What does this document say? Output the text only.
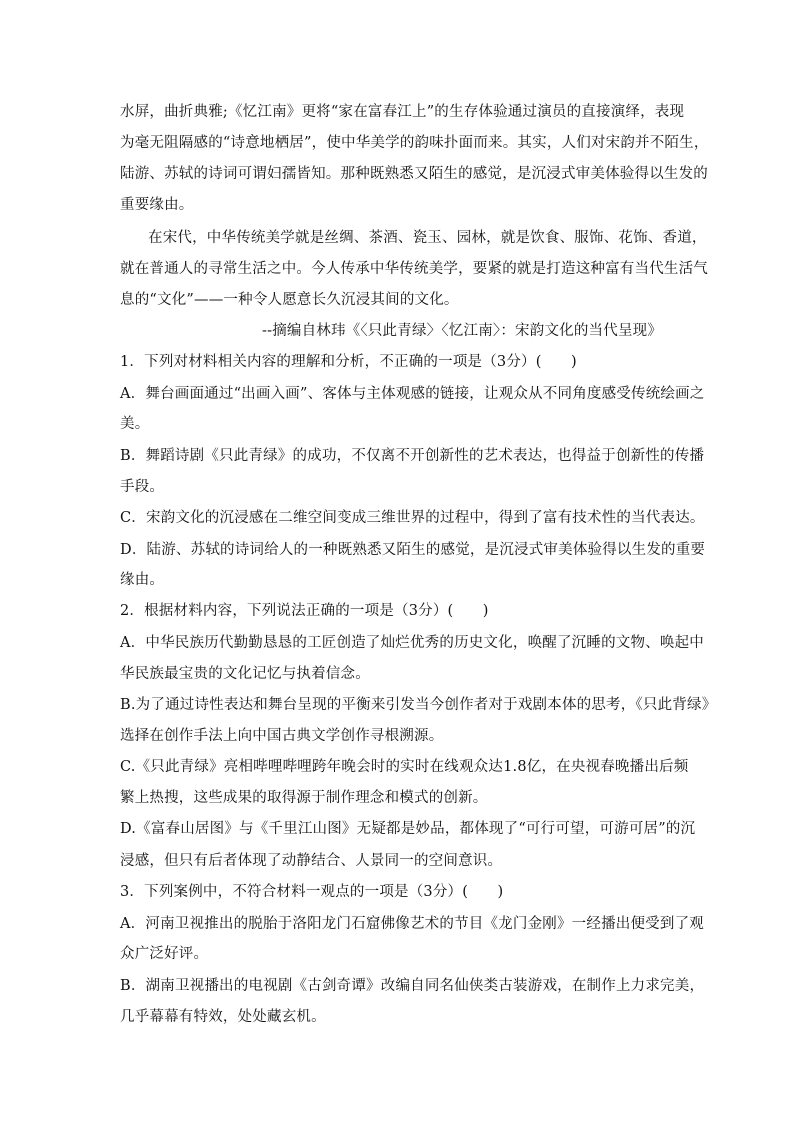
水屏，曲折典雅;《忆江南》更将“家在富春江上”的生存体验通过演员的直接演绎，表现
为毫无阻隔感的“诗意地栖居”，使中华美学的韵味扑面而来。其实，人们对宋韵并不陌生，
陆游、苏轼的诗词可谓妇孺皆知。那种既熟悉又陌生的感觉，是沉浸式审美体验得以生发的
重要缘由。
在宋代，中华传统美学就是丝绸、茶酒、瓷玉、园林，就是饮食、服饰、花饰、香道，
就在普通人的寻常生活之中。今人传承中华传统美学，要紧的就是打造这种富有当代生活气
息的“文化”——一种令人愿意长久沉浸其间的文化。
--摘编自林玮《〈只此青绿〉〈忆江南〉：宋韵文化的当代呈现》
1．下列对材料相关内容的理解和分析，不正确的一项是（3分）(　　)
A．舞台画面通过“出画入画”、客体与主体观感的链接，让观众从不同角度感受传统绘画之
美。
B．舞蹈诗剧《只此青绿》的成功，不仅离不开创新性的艺术表达，也得益于创新性的传播
手段。
C．宋韵文化的沉浸感在二维空间变成三维世界的过程中，得到了富有技术性的当代表达。
D．陆游、苏轼的诗词给人的一种既熟悉又陌生的感觉，是沉浸式审美体验得以生发的重要
缘由。
2．根据材料内容，下列说法正确的一项是（3分）(　　)
A．中华民族历代勤勤恳恳的工匠创造了灿烂优秀的历史文化，唤醒了沉睡的文物、唤起中
华民族最宝贵的文化记忆与执着信念。
B.为了通过诗性表达和舞台呈现的平衡来引发当今创作者对于戏剧本体的思考，《只此背绿》
选择在创作手法上向中国古典文学创作寻根溯源。
C.《只此青绿》亮相哔哩哔哩跨年晚会时的实时在线观众达1.8亿，在央视春晚播出后频
繁上热搜，这些成果的取得源于制作理念和模式的创新。
D.《富春山居图》与《千里江山图》无疑都是妙品，都体现了“可行可望，可游可居”的沉
浸感，但只有后者体现了动静结合、人景同一的空间意识。
3．下列案例中，不符合材料一观点的一项是（3分）(　　)
A．河南卫视推出的脱胎于洛阳龙门石窟佛像艺术的节目《龙门金刚》一经播出便受到了观
众广泛好评。
B．湖南卫视播出的电视剧《古剑奇谭》改编自同名仙侠类古装游戏，在制作上力求完美，
几乎幕幕有特效，处处藏玄机。
